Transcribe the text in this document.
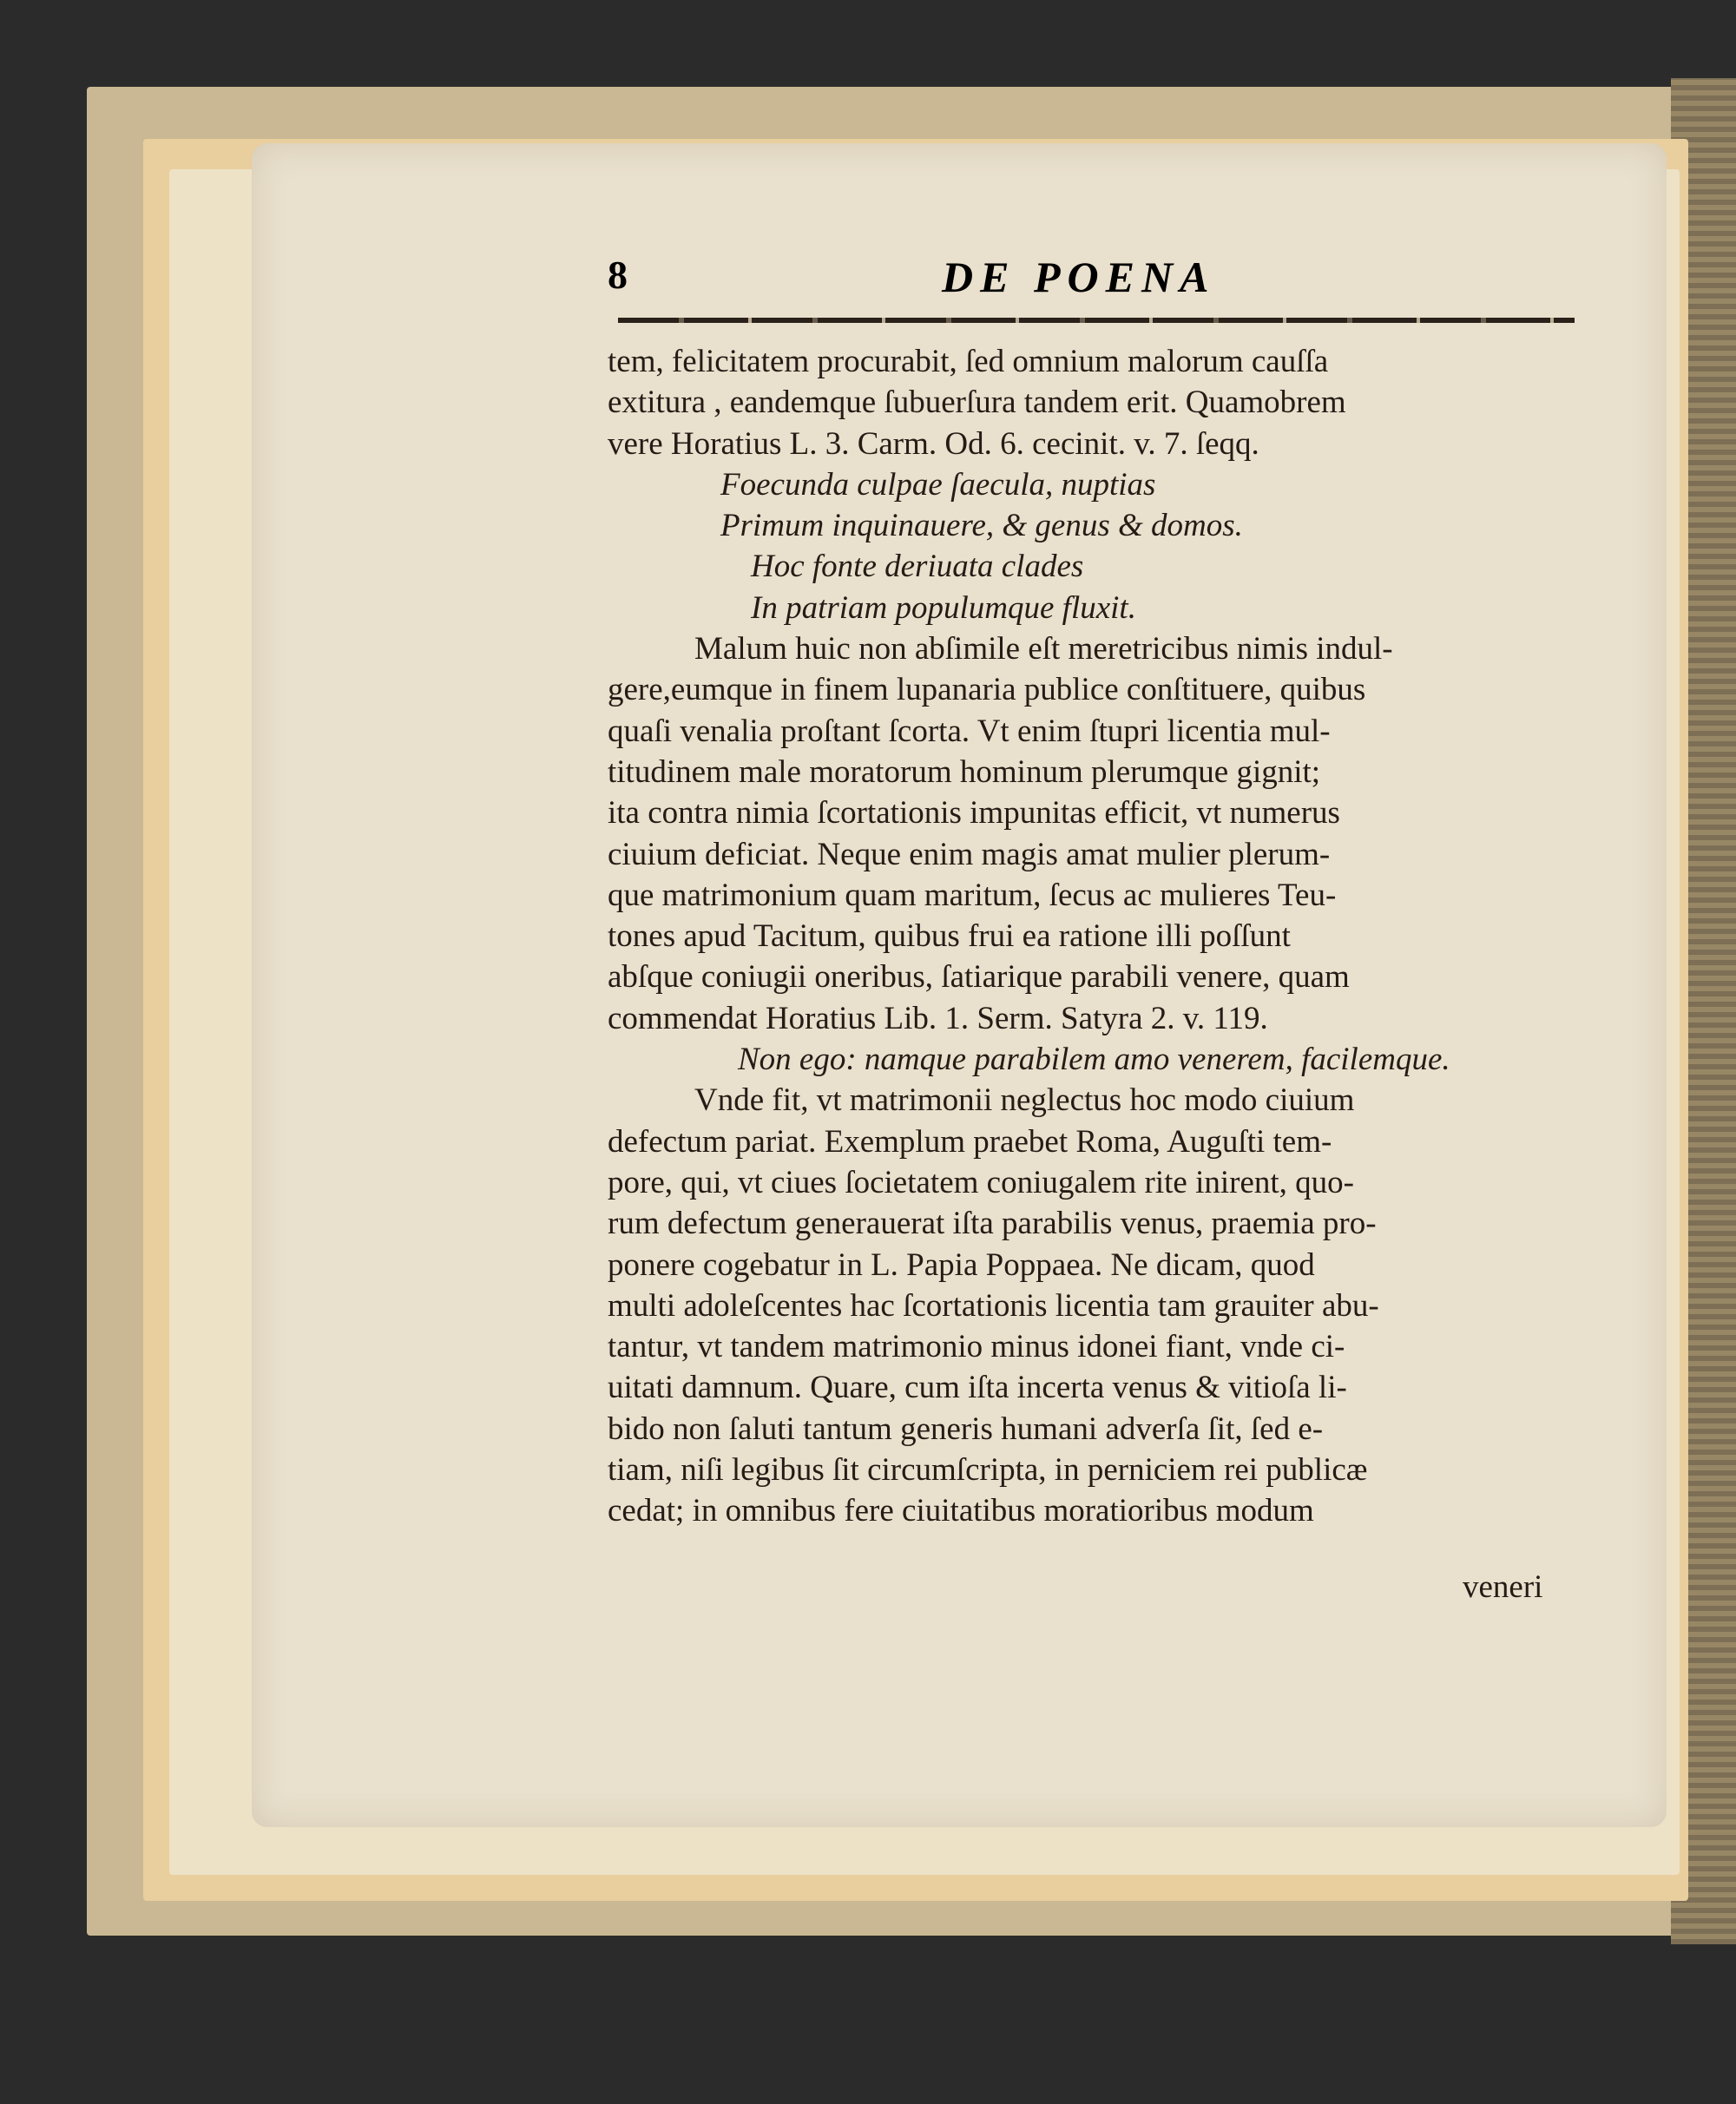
8	DE POENA
tem, felicitatem procurabit, ſed omnium malorum cauſſa
extitura , eandemque ſubuerſura tandem erit. Quamobrem
vere Horatius L. 3. Carm. Od. 6. cecinit. v. 7. ſeqq.
Foecunda culpae ſaecula, nuptias
Primum inquinauere, & genus & domos.
Hoc fonte deriuata clades
In patriam populumque fluxit.
Malum huic non abſimile eſt meretricibus nimis indul-
gere,eumque in finem lupanaria publice conſtituere, quibus
quaſi venalia proſtant ſcorta. Vt enim ſtupri licentia mul-
titudinem male moratorum hominum plerumque gignit;
ita contra nimia ſcortationis impunitas efficit, vt numerus
ciuium deficiat. Neque enim magis amat mulier plerum-
que matrimonium quam maritum, ſecus ac mulieres Teu-
tones apud Tacitum, quibus frui ea ratione illi poſſunt
abſque coniugii oneribus, ſatiarique parabili venere, quam
commendat Horatius Lib. 1. Serm. Satyra 2. v. 119.
Non ego: namque parabilem amo venerem, facilemque.
Vnde fit, vt matrimonii neglectus hoc modo ciuium
defectum pariat. Exemplum praebet Roma, Auguſti tem-
pore, qui, vt ciues ſocietatem coniugalem rite inirent, quo-
rum defectum generauerat iſta parabilis venus, praemia pro-
ponere cogebatur in L. Papia Poppaea. Ne dicam, quod
multi adoleſcentes hac ſcortationis licentia tam grauiter abu-
tantur, vt tandem matrimonio minus idonei fiant, vnde ci-
uitati damnum. Quare, cum iſta incerta venus & vitioſa li-
bido non ſaluti tantum generis humani adverſa ſit, ſed e-
tiam, niſi legibus ſit circumſcripta, in perniciem rei publicæ
cedat; in omnibus fere ciuitatibus moratioribus modum
veneri
